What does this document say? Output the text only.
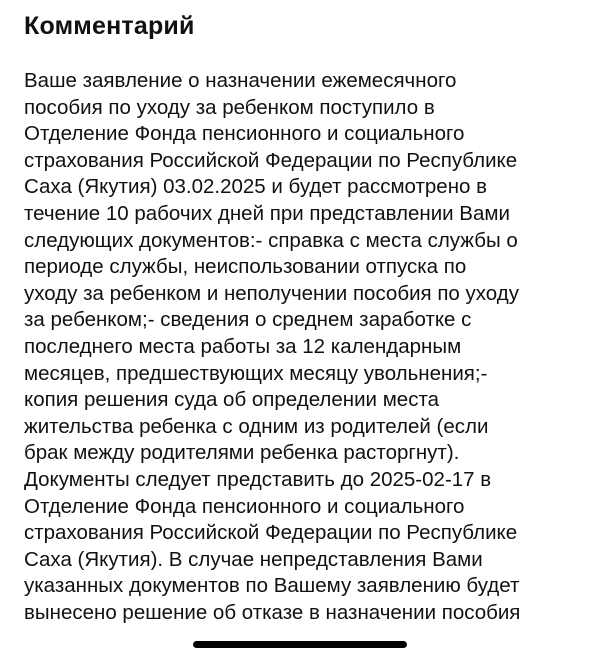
Комментарий
Ваше заявление о назначении ежемесячного
пособия по уходу за ребенком поступило в
Отделение Фонда пенсионного и социального
страхования Российской Федерации по Республике
Саха (Якутия) 03.02.2025 и будет рассмотрено в
течение 10 рабочих дней при представлении Вами
следующих документов:- справка с места службы о
периоде службы, неиспользовании отпуска по
уходу за ребенком и неполучении пособия по уходу
за ребенком;- сведения о среднем заработке с
последнего места работы за 12 календарным
месяцев, предшествующих месяцу увольнения;-
копия решения суда об определении места
жительства ребенка с одним из родителей (если
брак между родителями ребенка расторгнут).
Документы следует представить до 2025-02-17 в
Отделение Фонда пенсионного и социального
страхования Российской Федерации по Республике
Саха (Якутия). В случае непредставления Вами
указанных документов по Вашему заявлению будет
вынесено решение об отказе в назначении пособия
